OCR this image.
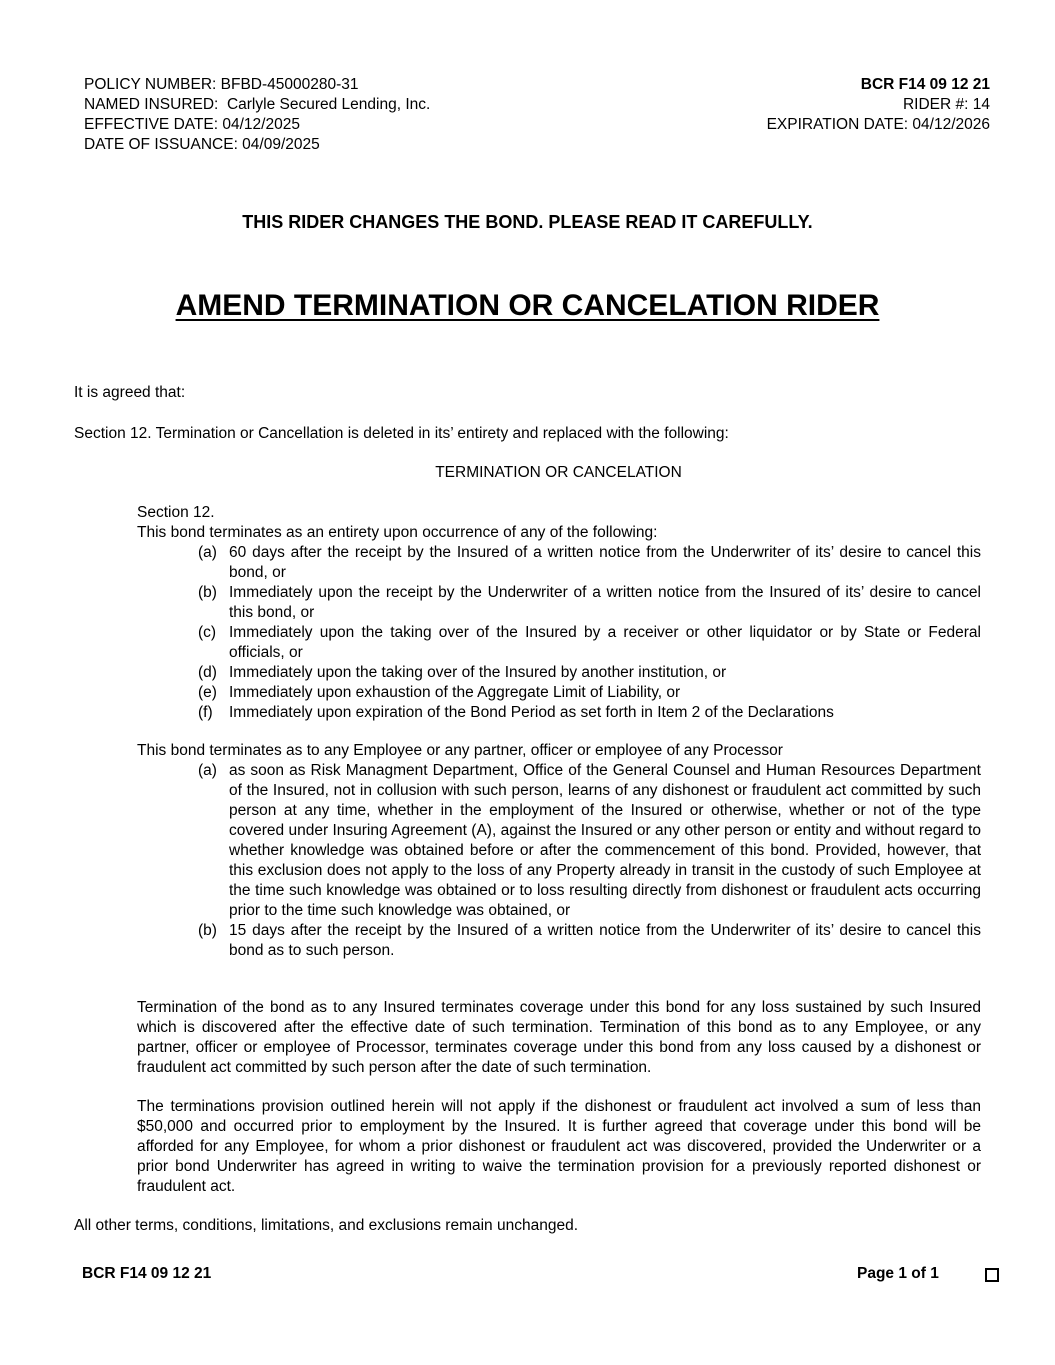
POLICY NUMBER: BFBD-45000280-31
NAMED INSURED:  Carlyle Secured Lending, Inc.
EFFECTIVE DATE: 04/12/2025
DATE OF ISSUANCE: 04/09/2025
BCR F14 09 12 21
RIDER #: 14
EXPIRATION DATE: 04/12/2026
THIS RIDER CHANGES THE BOND. PLEASE READ IT CAREFULLY.
AMEND TERMINATION OR CANCELATION RIDER
It is agreed that:
Section 12. Termination or Cancellation is deleted in its’ entirety and replaced with the following:
TERMINATION OR CANCELATION
Section 12.
This bond terminates as an entirety upon occurrence of any of the following:
(a) 60 days after the receipt by the Insured of a written notice from the Underwriter of its’ desire to cancel this bond, or
(b) Immediately upon the receipt by the Underwriter of a written notice from the Insured of its’ desire to cancel this bond, or
(c) Immediately upon the taking over of the Insured by a receiver or other liquidator or by State or Federal officials, or
(d) Immediately upon the taking over of the Insured by another institution, or
(e) Immediately upon exhaustion of the Aggregate Limit of Liability, or
(f)	Immediately upon expiration of the Bond Period as set forth in Item 2 of the Declarations
This bond terminates as to any Employee or any partner, officer or employee of any Processor
(a) as soon as Risk Managment Department, Office of the General Counsel and Human Resources Department of the Insured, not in collusion with such person, learns of any dishonest or fraudulent act committed by such person at any time, whether in the employment of the Insured or otherwise, whether or not of the type covered under Insuring Agreement (A), against the Insured or any other person or entity and without regard to whether knowledge was obtained before or after the commencement of this bond. Provided, however, that this exclusion does not apply to the loss of any Property already in transit in the custody of such Employee at the time such knowledge was obtained or to loss resulting directly from dishonest or fraudulent acts occurring prior to the time such knowledge was obtained, or
(b) 15 days after the receipt by the Insured of a written notice from the Underwriter of its’ desire to cancel this bond as to such person.
Termination of the bond as to any Insured terminates coverage under this bond for any loss sustained by such Insured which is discovered after the effective date of such termination. Termination of this bond as to any Employee, or any partner, officer or employee of Processor, terminates coverage under this bond from any loss caused by a dishonest or fraudulent act committed by such person after the date of such termination.
The terminations provision outlined herein will not apply if the dishonest or fraudulent act involved a sum of less than $50,000 and occurred prior to employment by the Insured. It is further agreed that coverage under this bond will be afforded for any Employee, for whom a prior dishonest or fraudulent act was discovered, provided the Underwriter or a prior bond Underwriter has agreed in writing to waive the termination provision for a previously reported dishonest or fraudulent act.
All other terms, conditions, limitations, and exclusions remain unchanged.
BCR F14 09 12 21	Page 1 of 1
